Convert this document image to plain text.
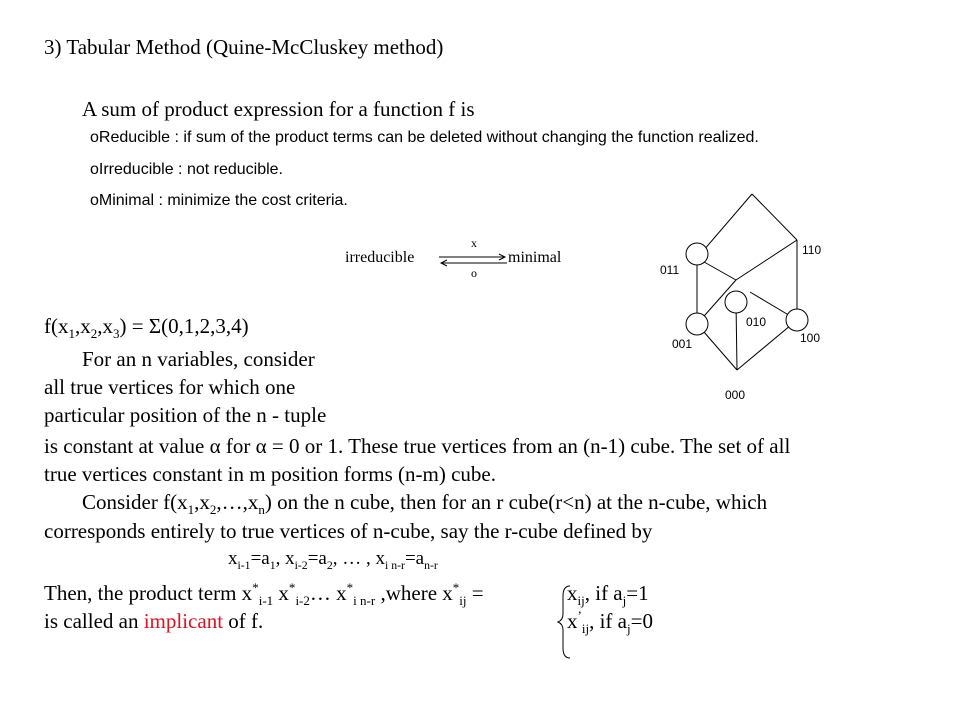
3) Tabular Method (Quine-McCluskey method)
A sum of product expression for a function f is
oReducible : if sum of the product terms can be deleted without changing the function realized.
oIrreducible : not reducible.
oMinimal : minimize the cost criteria.
irreducible	minimal
x
o
$f(x_1,x_2,x_3) = \Sigma(0,1,2,3,4)$
For an n variables, consider
all true vertices for which one
particular position of the n - tuple
is constant at value α for α = 0 or 1. These true vertices from an (n-1) cube. The set of all
true vertices constant in m position forms (n-m) cube.
Consider $f(x_1,x_2,\dots,x_n)$ on the n cube, then for an r cube(r<n) at the n-cube, which
corresponds entirely to true vertices of n-cube, say the r-cube defined by
$x_{i-1}=a_1$, $x_{i-2}=a_2$, … , $x_{i n-r}=a_{n-r}$
Then, the product term $x^*_{i-1}$ $x^*_{i-2}\dots$ $x^*_{i n-r}$ ,where $x^*_{ij}$ =
is called an implicant of f.
$x_{ij}$, if $a_j=1$
$x^’_{ij}$, if $a_j=0$
000
001
010
011
100
110
